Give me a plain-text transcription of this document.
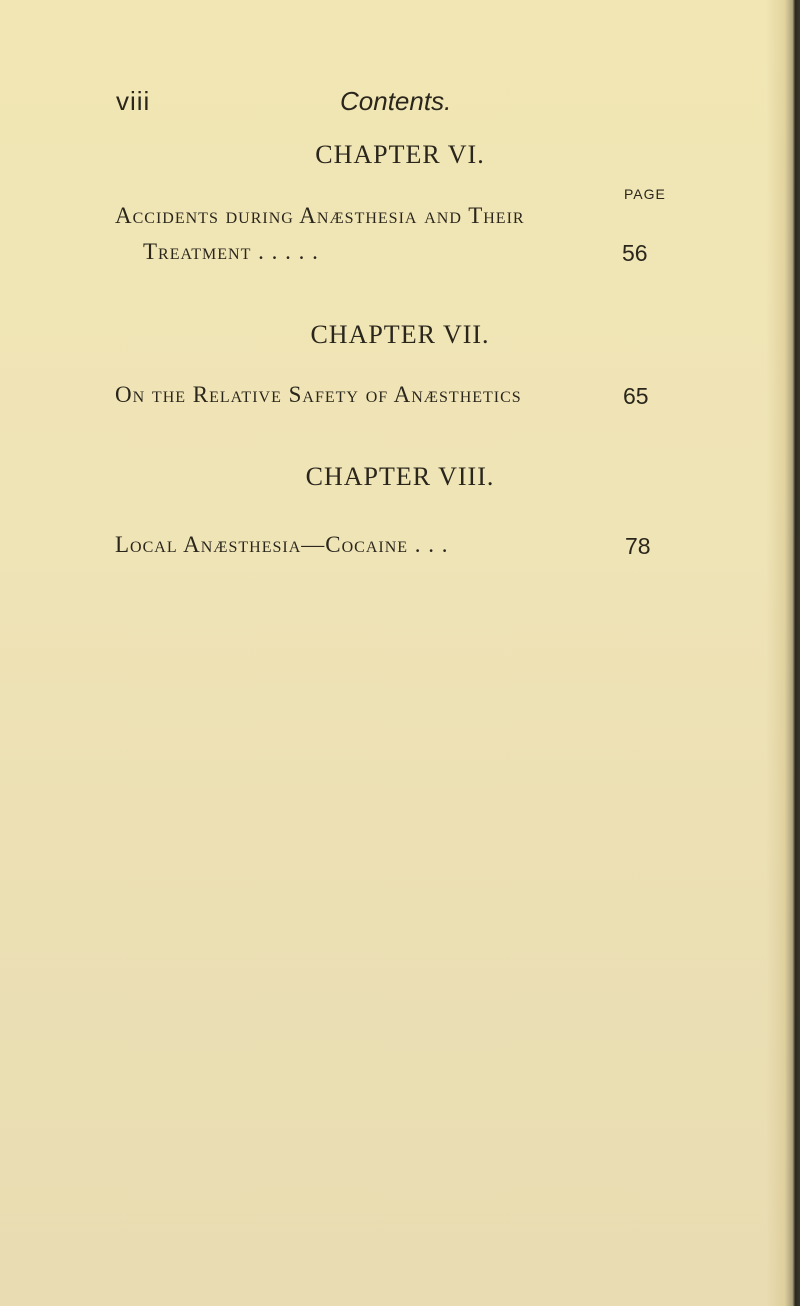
viii	Contents.
CHAPTER VI.
PAGE
Accidents during Anæsthesia and Their
Treatment . . . . .	56
CHAPTER VII.
On the Relative Safety of Anæsthetics	65
CHAPTER VIII.
Local Anæsthesia—Cocaine . . .	78
